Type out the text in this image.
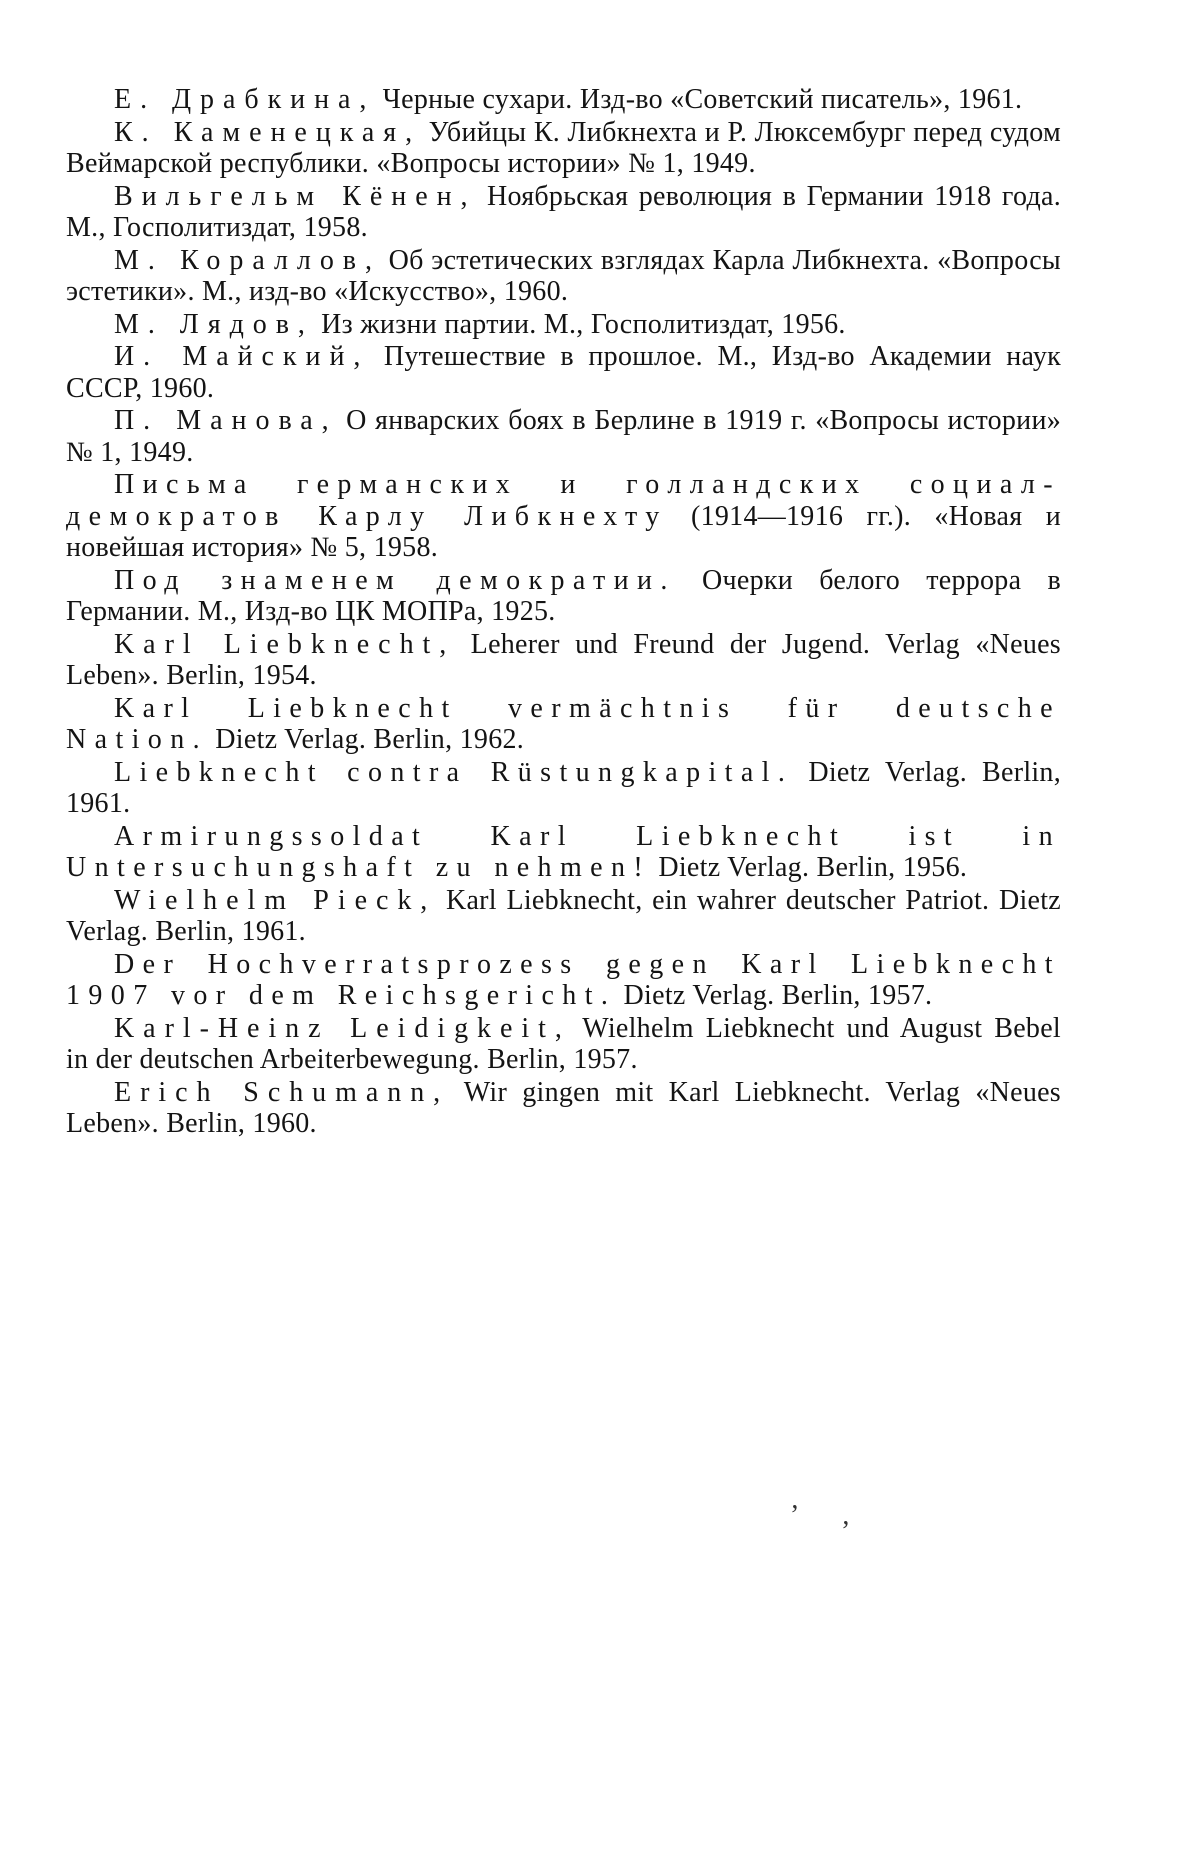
Е. Драбкина, Черные сухари. Изд-во «Советский писатель», 1961.

К. Каменецкая, Убийцы К. Либкнехта и Р. Люксембург перед судом Веймарской республики. «Вопросы истории» № 1, 1949.

Вильгельм Кёнен, Ноябрьская революция в Германии 1918 года. М., Госполитиздат, 1958.

М. Кораллов, Об эстетических взглядах Карла Либкнехта. «Вопросы эстетики». М., изд-во «Искусство», 1960.

М. Лядов, Из жизни партии. М., Госполитиздат, 1956.

И. Майский, Путешествие в прошлое. М., Изд-во Академии наук СССР, 1960.

П. Манова, О январских боях в Берлине в 1919 г. «Вопросы истории» № 1, 1949.

Письма германских и голландских социал-демократов Карлу Либкнехту (1914—1916 гг.). «Новая и новейшая история» № 5, 1958.

Под знаменем демократии. Очерки белого террора в Германии. М., Изд-во ЦК МОПРа, 1925.

Karl Liebknecht, Leherer und Freund der Jugend. Verlag «Neues Leben». Berlin, 1954.

Karl Liebknecht vermächtnis für deutsche Nation. Dietz Verlag. Berlin, 1962.

Liebknecht contra Rüstungkapital. Dietz Verlag. Berlin, 1961.

Armirungssoldat Karl Liebknecht ist in Untersuchungshaft zu nehmen! Dietz Verlag. Berlin, 1956.

Wielhelm Pieck, Karl Liebknecht, ein wahrer deutscher Patriot. Dietz Verlag. Berlin, 1961.

Der Hochverratsprozess gegen Karl Liebknecht 1907 vor dem Reichsgericht. Dietz Verlag. Berlin, 1957.

Karl-Heinz Leidigkeit, Wielhelm Liebknecht und August Bebel in der deutschen Arbeiterbewegung. Berlin, 1957.

Erich Schumann, Wir gingen mit Karl Liebknecht. Verlag «Neues Leben». Berlin, 1960.

ʼ ,
